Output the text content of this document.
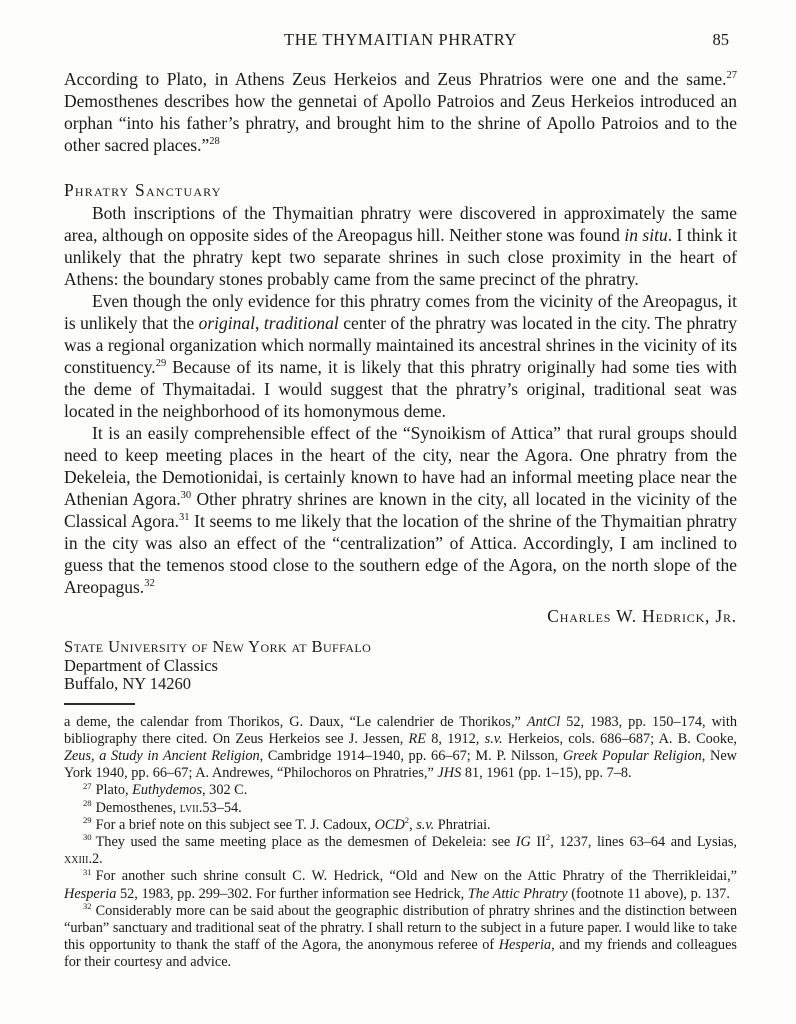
THE THYMAITIAN PHRATRY	85

According to Plato, in Athens Zeus Herkeios and Zeus Phratrios were one and the same.$^{27}$ Demosthenes describes how the gennetai of Apollo Patroios and Zeus Herkeios introduced an orphan “into his father’s phratry, and brought him to the shrine of Apollo Patroios and to the other sacred places.”$^{28}$

Phratry Sanctuary

Both inscriptions of the Thymaitian phratry were discovered in approximately the same area, although on opposite sides of the Areopagus hill. Neither stone was found in situ. I think it unlikely that the phratry kept two separate shrines in such close proximity in the heart of Athens: the boundary stones probably came from the same precinct of the phratry.

Even though the only evidence for this phratry comes from the vicinity of the Areopagus, it is unlikely that the original, traditional center of the phratry was located in the city. The phratry was a regional organization which normally maintained its ancestral shrines in the vicinity of its constituency.$^{29}$ Because of its name, it is likely that this phratry originally had some ties with the deme of Thymaitadai. I would suggest that the phratry’s original, traditional seat was located in the neighborhood of its homonymous deme.

It is an easily comprehensible effect of the “Synoikism of Attica” that rural groups should need to keep meeting places in the heart of the city, near the Agora. One phratry from the Dekeleia, the Demotionidai, is certainly known to have had an informal meeting place near the Athenian Agora.$^{30}$ Other phratry shrines are known in the city, all located in the vicinity of the Classical Agora.$^{31}$ It seems to me likely that the location of the shrine of the Thymaitian phratry in the city was also an effect of the “centralization” of Attica. Accordingly, I am inclined to guess that the temenos stood close to the southern edge of the Agora, on the north slope of the Areopagus.$^{32}$

Charles W. Hedrick, Jr.

State University of New York at Buffalo

Department of Classics

Buffalo, NY 14260

a deme, the calendar from Thorikos, G. Daux, “Le calendrier de Thorikos,” AntCl 52, 1983, pp. 150–174, with bibliography there cited. On Zeus Herkeios see J. Jessen, RE 8, 1912, s.v. Herkeios, cols. 686–687; A. B. Cooke, Zeus, a Study in Ancient Religion, Cambridge 1914–1940, pp. 66–67; M. P. Nilsson, Greek Popular Religion, New York 1940, pp. 66–67; A. Andrewes, “Philochoros on Phratries,” JHS 81, 1961 (pp. 1–15), pp. 7–8.

$^{27}$ Plato, Euthydemos, 302 C.

$^{28}$ Demosthenes, lvii.53–54.

$^{29}$ For a brief note on this subject see T. J. Cadoux, OCD$^2$, s.v. Phratriai.

$^{30}$ They used the same meeting place as the demesmen of Dekeleia: see IG $II^2$, 1237, lines 63–64 and Lysias, xxiii.2.

$^{31}$ For another such shrine consult C. W. Hedrick, “Old and New on the Attic Phratry of the Therrikleidai,” Hesperia 52, 1983, pp. 299–302. For further information see Hedrick, The Attic Phratry (footnote 11 above), p. 137.

$^{32}$ Considerably more can be said about the geographic distribution of phratry shrines and the distinction between “urban” sanctuary and traditional seat of the phratry. I shall return to the subject in a future paper. I would like to take this opportunity to thank the staff of the Agora, the anonymous referee of Hesperia, and my friends and colleagues for their courtesy and advice.
